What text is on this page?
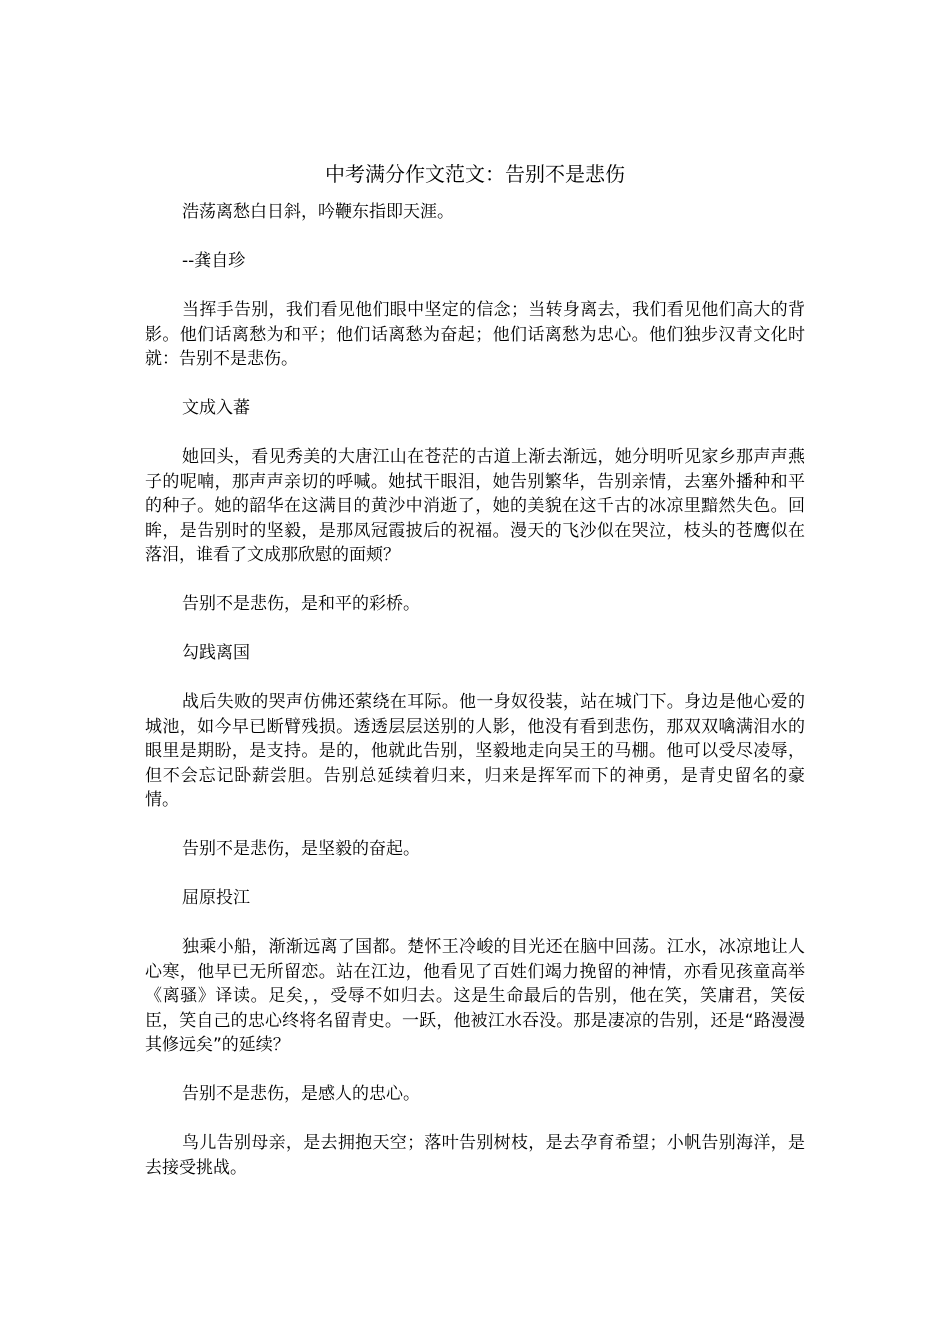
中考满分作文范文：告别不是悲伤

浩荡离愁白日斜，吟鞭东指即天涯。

--龚自珍

当挥手告别，我们看见他们眼中坚定的信念；当转身离去，我们看见他们高大的背影。他们话离愁为和平；他们话离愁为奋起；他们话离愁为忠心。他们独步汉青文化时就：告别不是悲伤。

文成入蕃

她回头，看见秀美的大唐江山在苍茫的古道上渐去渐远，她分明听见家乡那声声燕子的呢喃，那声声亲切的呼喊。她拭干眼泪，她告别繁华，告别亲情，去塞外播种和平的种子。她的韶华在这满目的黄沙中消逝了，她的美貌在这千古的冰凉里黯然失色。回眸，是告别时的坚毅，是那凤冠霞披后的祝福。漫天的飞沙似在哭泣，枝头的苍鹰似在落泪，谁看了文成那欣慰的面颊？

告别不是悲伤，是和平的彩桥。

勾践离国

战后失败的哭声仿佛还萦绕在耳际。他一身奴役装，站在城门下。身边是他心爱的城池，如今早已断臂残损。透透层层送别的人影，他没有看到悲伤，那双双噙满泪水的眼里是期盼，是支持。是的，他就此告别，坚毅地走向吴王的马棚。他可以受尽凌辱，但不会忘记卧薪尝胆。告别总延续着归来，归来是挥军而下的神勇，是青史留名的豪情。

告别不是悲伤，是坚毅的奋起。

屈原投江

独乘小船，渐渐远离了国都。楚怀王冷峻的目光还在脑中回荡。江水，冰凉地让人心寒，他早已无所留恋。站在江边，他看见了百姓们竭力挽留的神情，亦看见孩童高举《离骚》译读。足矣，，受辱不如归去。这是生命最后的告别，他在笑，笑庸君，笑佞臣，笑自己的忠心终将名留青史。一跃，他被江水吞没。那是凄凉的告别，还是“路漫漫其修远矣”的延续？

告别不是悲伤，是感人的忠心。

鸟儿告别母亲，是去拥抱天空；落叶告别树枝，是去孕育希望；小帆告别海洋，是去接受挑战。
